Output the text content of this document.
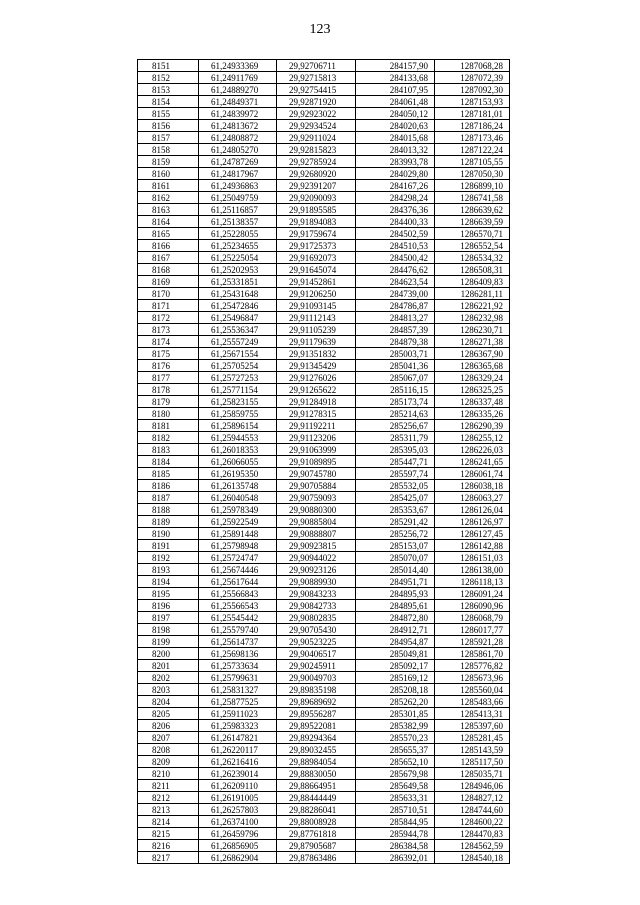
123
8151	61,24933369	29,92706711	284157,90	1287068,28
8152	61,24911769	29,92715813	284133,68	1287072,39
8153	61,24889270	29,92754415	284107,95	1287092,30
8154	61,24849371	29,92871920	284061,48	1287153,93
8155	61,24839972	29,92923022	284050,12	1287181,01
8156	61,24813672	29,92934524	284020,63	1287186,24
8157	61,24808872	29,92911024	284015,68	1287173,46
8158	61,24805270	29,92815823	284013,32	1287122,24
8159	61,24787269	29,92785924	283993,78	1287105,55
8160	61,24817967	29,92680920	284029,80	1287050,30
8161	61,24936863	29,92391207	284167,26	1286899,10
8162	61,25049759	29,92090093	284298,24	1286741,58
8163	61,25116857	29,91895585	284376,36	1286639,62
8164	61,25138357	29,91894083	284400,33	1286639,59
8165	61,25228055	29,91759674	284502,59	1286570,71
8166	61,25234655	29,91725373	284510,53	1286552,54
8167	61,25225054	29,91692073	284500,42	1286534,32
8168	61,25202953	29,91645074	284476,62	1286508,31
8169	61,25331851	29,91452861	284623,54	1286409,83
8170	61,25431648	29,91206250	284739,00	1286281,11
8171	61,25472846	29,91093145	284786,87	1286221,92
8172	61,25496847	29,91112143	284813,27	1286232,98
8173	61,25536347	29,91105239	284857,39	1286230,71
8174	61,25557249	29,91179639	284879,38	1286271,38
8175	61,25671554	29,91351832	285003,71	1286367,90
8176	61,25705254	29,91345429	285041,36	1286365,68
8177	61,25727253	29,91276026	285067,07	1286329,24
8178	61,25771154	29,91265622	285116,15	1286325,25
8179	61,25823155	29,91284918	285173,74	1286337,48
8180	61,25859755	29,91278315	285214,63	1286335,26
8181	61,25896154	29,91192211	285256,67	1286290,39
8182	61,25944553	29,91123206	285311,79	1286255,12
8183	61,26018353	29,91063999	285395,03	1286226,03
8184	61,26066055	29,91089895	285447,71	1286241,65
8185	61,26195350	29,90745780	285597,74	1286061,74
8186	61,26135748	29,90705884	285532,05	1286038,18
8187	61,26040548	29,90759093	285425,07	1286063,27
8188	61,25978349	29,90880300	285353,67	1286126,04
8189	61,25922549	29,90885804	285291,42	1286126,97
8190	61,25891448	29,90888807	285256,72	1286127,45
8191	61,25798948	29,90923815	285153,07	1286142,88
8192	61,25724747	29,90944022	285070,07	1286151,03
8193	61,25674446	29,90923126	285014,40	1286138,00
8194	61,25617644	29,90889930	284951,71	1286118,13
8195	61,25566843	29,90843233	284895,93	1286091,24
8196	61,25566543	29,90842733	284895,61	1286090,96
8197	61,25545442	29,90802835	284872,80	1286068,79
8198	61,25579740	29,90705430	284912,71	1286017,77
8199	61,25614737	29,90523225	284954,87	1285921,28
8200	61,25698136	29,90406517	285049,81	1285861,70
8201	61,25733634	29,90245911	285092,17	1285776,82
8202	61,25799631	29,90049703	285169,12	1285673,96
8203	61,25831327	29,89835198	285208,18	1285560,04
8204	61,25877525	29,89689692	285262,20	1285483,66
8205	61,25911023	29,89556287	285301,85	1285413,31
8206	61,25983323	29,89522081	285382,99	1285397,60
8207	61,26147821	29,89294364	285570,23	1285281,45
8208	61,26220117	29,89032455	285655,37	1285143,59
8209	61,26216416	29,88984054	285652,10	1285117,50
8210	61,26239014	29,88830050	285679,98	1285035,71
8211	61,26209110	29,88664951	285649,58	1284946,06
8212	61,26191005	29,88444449	285633,31	1284827,12
8213	61,26257803	29,88286041	285710,51	1284744,60
8214	61,26374100	29,88008928	285844,95	1284600,22
8215	61,26459796	29,87761818	285944,78	1284470,83
8216	61,26856905	29,87905687	286384,58	1284562,59
8217	61,26862904	29,87863486	286392,01	1284540,18
